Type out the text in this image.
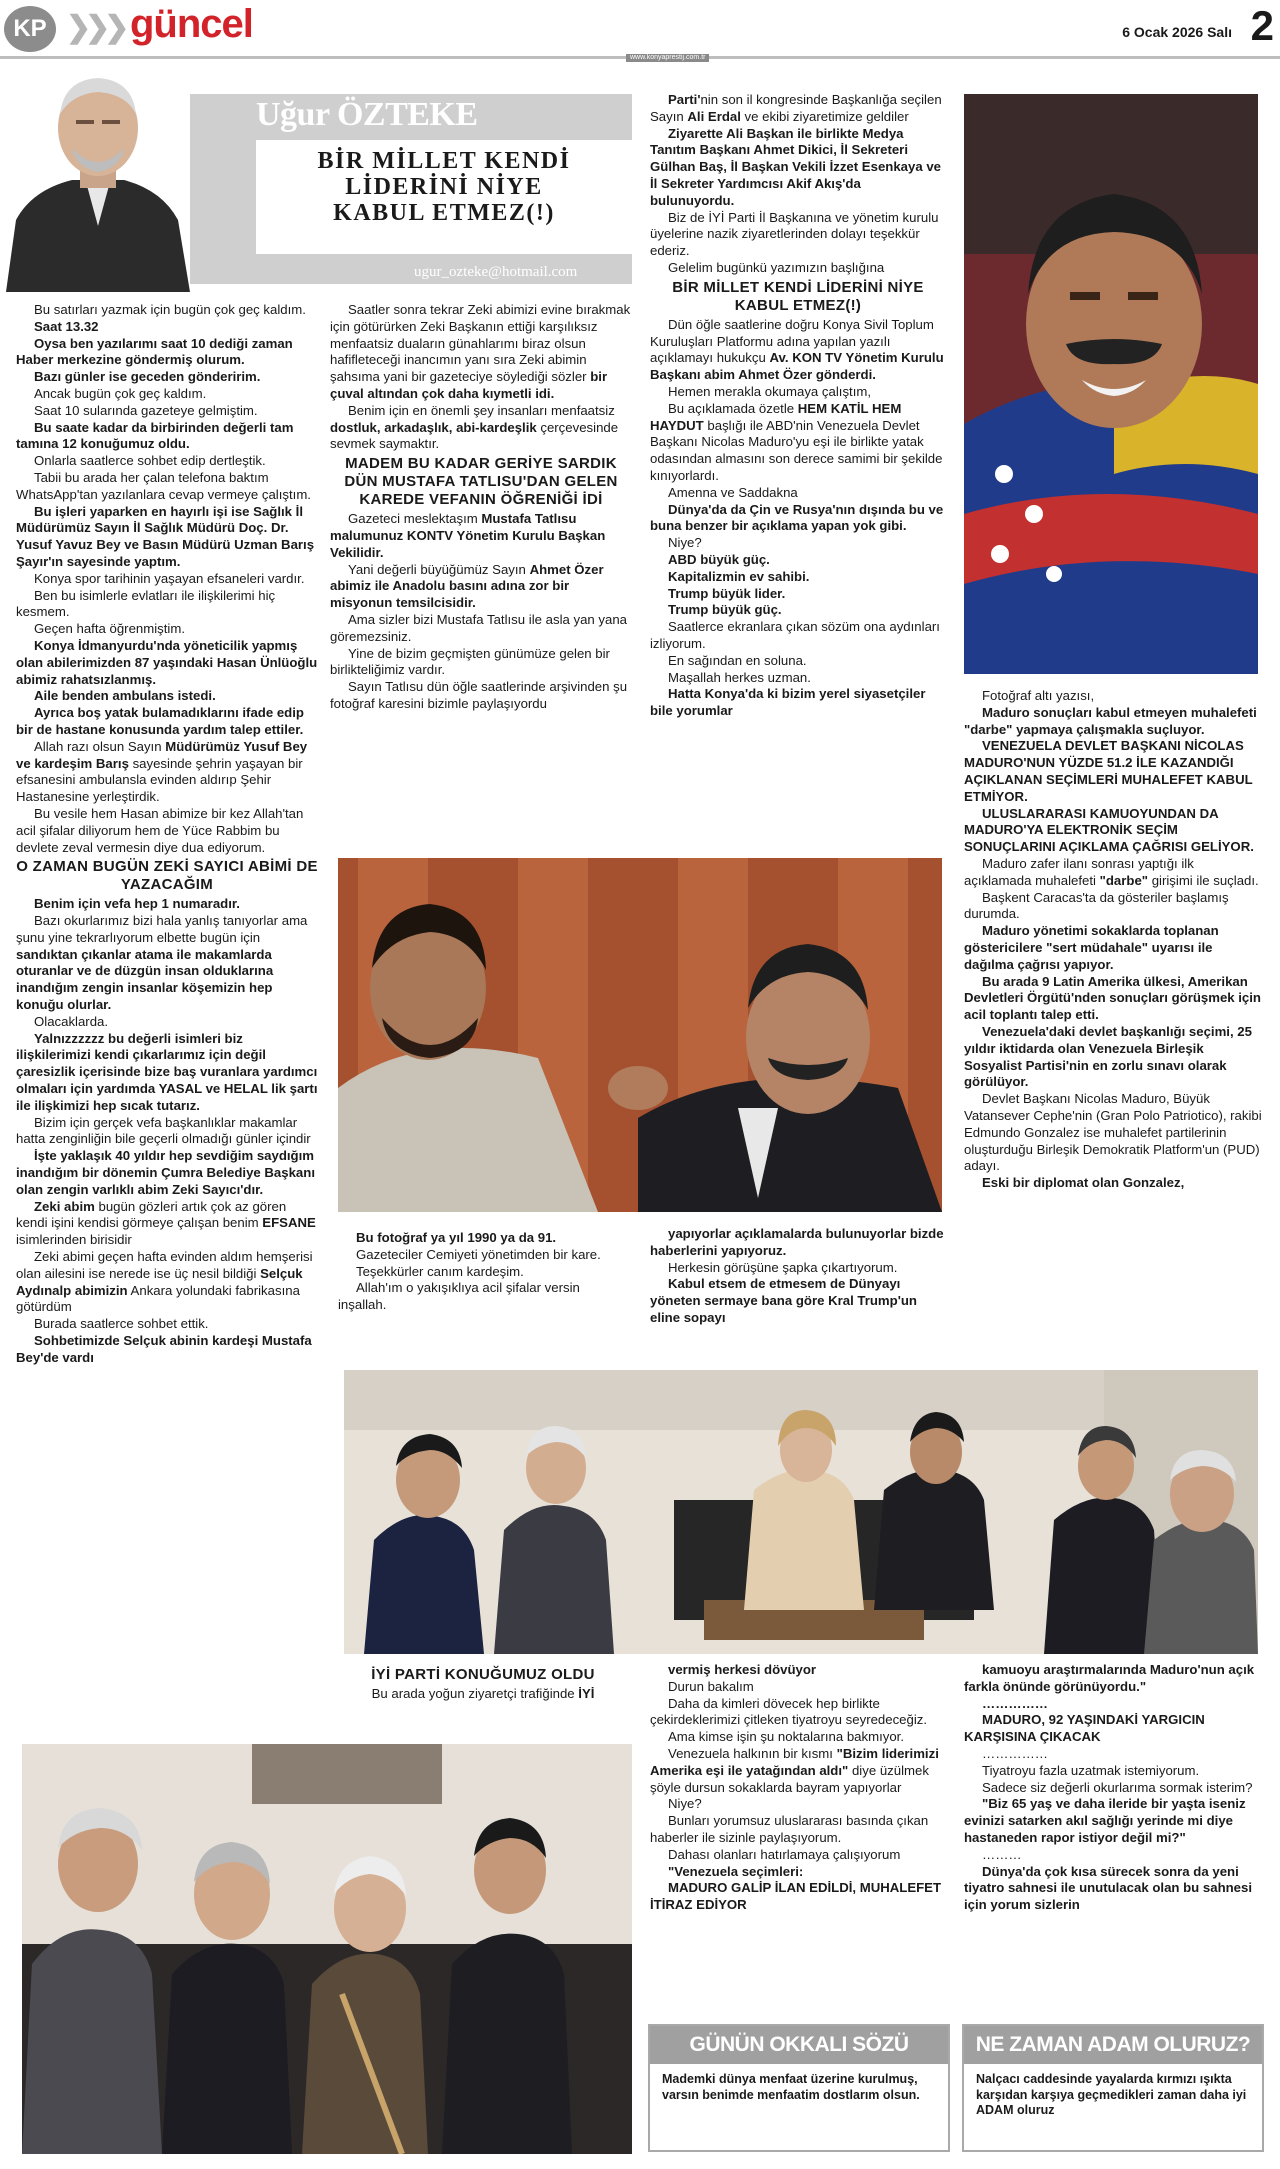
KP ❯❯❯ güncel	6 Ocak 2026 Salı 2
www.konyaprestij.com.tr
Uğur ÖZTEKE
BİR MİLLET KENDİ LİDERİNİ NİYE KABUL ETMEZ(!)
ugur_ozteke@hotmail.com

Bu satırları yazmak için bugün çok geç kaldım.

Saat 13.32

Oysa ben yazılarımı saat 10 dediği zaman Haber merkezine göndermiş olurum.

Bazı günler ise geceden gönderirim.

Ancak bugün çok geç kaldım.

Saat 10 sularında gazeteye gelmiştim.

Bu saate kadar da birbirinden değerli tam tamına 12 konuğumuz oldu.

Onlarla saatlerce sohbet edip dertleştik.

Tabii bu arada her çalan telefona baktım WhatsApp'tan yazılanlara cevap vermeye çalıştım.

Bu işleri yaparken en hayırlı işi ise Sağlık İl Müdürümüz Sayın İl Sağlık Müdürü Doç. Dr. Yusuf Yavuz Bey ve Basın Müdürü Uzman Barış Şayır'ın sayesinde yaptım.

Konya spor tarihinin yaşayan efsaneleri vardır.

Ben bu isimlerle evlatları ile ilişkilerimi hiç kesmem.

Geçen hafta öğrenmiştim.

Konya İdmanyurdu'nda yöneticilik yapmış olan abilerimizden 87 yaşındaki Hasan Ünlüoğlu abimiz rahatsızlanmış.

Aile benden ambulans istedi.

Ayrıca boş yatak bulamadıklarını ifade edip bir de hastane konusunda yardım talep ettiler.

Allah razı olsun Sayın Müdürümüz Yusuf Bey ve kardeşim Barış sayesinde şehrin yaşayan bir efsanesini ambulansla evinden aldırıp Şehir Hastanesine yerleştirdik.

Bu vesile hem Hasan abimize bir kez Allah'tan acil şifalar diliyorum hem de Yüce Rabbim bu devlete zeval vermesin diye dua ediyorum.

O ZAMAN BUGÜN ZEKİ SAYICI ABİMİ DE YAZACAĞIM

Benim için vefa hep 1 numaradır.

Bazı okurlarımız bizi hala yanlış tanıyorlar ama şunu yine tekrarlıyorum elbette bugün için sandıktan çıkanlar atama ile makamlarda oturanlar ve de düzgün insan olduklarına inandığım zengin insanlar köşemizin hep konuğu olurlar.

Olacaklarda.

Yalnızzzzzz bu değerli isimleri biz ilişkilerimizi kendi çıkarlarımız için değil çaresizlik içerisinde bize baş vuranlara yardımcı olmaları için yardımda YASAL ve HELAL lik şartı ile ilişkimizi hep sıcak tutarız.

Bizim için gerçek vefa başkanlıklar makamlar hatta zenginliğin bile geçerli olmadığı günler içindir

İşte yaklaşık 40 yıldır hep sevdiğim saydığım inandığım bir dönemin Çumra Belediye Başkanı olan zengin varlıklı abim Zeki Sayıcı'dır.

Zeki abim bugün gözleri artık çok az gören kendi işini kendisi görmeye çalışan benim EFSANE isimlerinden birisidir

Zeki abimi geçen hafta evinden aldım hemşerisi olan ailesini ise nerede ise üç nesil bildiği Selçuk Aydınalp abimizin Ankara yolundaki fabrikasına götürdüm

Burada saatlerce sohbet ettik.

Sohbetimizde Selçuk abinin kardeşi Mustafa Bey'de vardı

Saatler sonra tekrar Zeki abimizi evine bırakmak için götürürken Zeki Başkanın ettiği karşılıksız menfaatsiz duaların günahlarımı biraz olsun hafifleteceği inancımın yanı sıra Zeki abimin şahsıma yani bir gazeteciye söylediği sözler bir çuval altından çok daha kıymetli idi.

Benim için en önemli şey insanları menfaatsiz dostluk, arkadaşlık, abi-kardeşlik çerçevesinde sevmek saymaktır.

MADEM BU KADAR GERİYE SARDIK DÜN MUSTAFA TATLISU'DAN GELEN KAREDE VEFANIN ÖĞRENİĞİ İDİ

Gazeteci meslektaşım Mustafa Tatlısu malumunuz KONTV Yönetim Kurulu Başkan Vekilidir.

Yani değerli büyüğümüz Sayın Ahmet Özer abimiz ile Anadolu basını adına zor bir misyonun temsilcisidir.

Ama sizler bizi Mustafa Tatlısu ile asla yan yana göremezsiniz.

Yine de bizim geçmişten günümüze gelen bir birlikteliğimiz vardır.

Sayın Tatlısu dün öğle saatlerinde arşivinden şu fotoğraf karesini bizimle paylaşıyordu

Parti'nin son il kongresinde Başkanlığa seçilen Sayın Ali Erdal ve ekibi ziyaretimize geldiler

Ziyarette Ali Başkan ile birlikte Medya Tanıtım Başkanı Ahmet Dikici, İl Sekreteri Gülhan Baş, İl Başkan Vekili İzzet Esenkaya ve İl Sekreter Yardımcısı Akif Akış'da bulunuyordu.

Biz de İYİ Parti İl Başkanına ve yönetim kurulu üyelerine nazik ziyaretlerinden dolayı teşekkür ederiz.

Gelelim bugünkü yazımızın başlığına

BİR MİLLET KENDİ LİDERİNİ NİYE KABUL ETMEZ(!)

Dün öğle saatlerine doğru Konya Sivil Toplum Kuruluşları Platformu adına yapılan yazılı açıklamayı hukukçu Av. KON TV Yönetim Kurulu Başkanı abim Ahmet Özer gönderdi.

Hemen merakla okumaya çalıştım,

Bu açıklamada özetle HEM KATİL HEM HAYDUT başlığı ile ABD'nin Venezuela Devlet Başkanı Nicolas Maduro'yu eşi ile birlikte yatak odasından almasını son derece samimi bir şekilde kınıyorlardı.

Amenna ve Saddakna

Dünya'da da Çin ve Rusya'nın dışında bu ve buna benzer bir açıklama yapan yok gibi.

Niye?

ABD büyük güç.

Kapitalizmin ev sahibi.

Trump büyük lider.

Trump büyük güç.

Saatlerce ekranlara çıkan sözüm ona aydınları izliyorum.

En sağından en soluna.

Maşallah herkes uzman.

Hatta Konya'da ki bizim yerel siyasetçiler bile yorumlar

Fotoğraf altı yazısı,

Maduro sonuçları kabul etmeyen muhalefeti "darbe" yapmaya çalışmakla suçluyor.

VENEZUELA DEVLET BAŞKANI NİCOLAS MADURO'NUN YÜZDE 51.2 İLE KAZANDIĞI AÇIKLANAN SEÇİMLERİ MUHALEFET KABUL ETMİYOR.

ULUSLARARASI KAMUOYUNDAN DA MADURO'YA ELEKTRONİK SEÇİM SONUÇLARINI AÇIKLAMA ÇAĞRISI GELİYOR.

Maduro zafer ilanı sonrası yaptığı ilk açıklamada muhalefeti "darbe" girişimi ile suçladı.

Başkent Caracas'ta da gösteriler başlamış durumda.

Maduro yönetimi sokaklarda toplanan göstericilere "sert müdahale" uyarısı ile dağılma çağrısı yapıyor.

Bu arada 9 Latin Amerika ülkesi, Amerikan Devletleri Örgütü'nden sonuçları görüşmek için acil toplantı talep etti.

Venezuela'daki devlet başkanlığı seçimi, 25 yıldır iktidarda olan Venezuela Birleşik Sosyalist Partisi'nin en zorlu sınavı olarak görülüyor.

Devlet Başkanı Nicolas Maduro, Büyük Vatansever Cephe'nin (Gran Polo Patriotico), rakibi Edmundo Gonzalez ise muhalefet partilerinin oluşturduğu Birleşik Demokratik Platform'un (PUD) adayı.

Eski bir diplomat olan Gonzalez,

Bu fotoğraf ya yıl 1990 ya da 91.

Gazeteciler Cemiyeti yönetimden bir kare.

Teşekkürler canım kardeşim.

Allah'ım o yakışıklıya acil şifalar versin inşallah.

yapıyorlar açıklamalarda bulunuyorlar bizde haberlerini yapıyoruz.

Herkesin görüşüne şapka çıkartıyorum.

Kabul etsem de etmesem de Dünyayı yöneten sermaye bana göre Kral Trump'un eline sopayı

İYİ PARTİ KONUĞUMUZ OLDU

Bu arada yoğun ziyaretçi trafiğinde İYİ

vermiş herkesi dövüyor

Durun bakalım

Daha da kimleri dövecek hep birlikte çekirdeklerimizi çitleken tiyatroyu seyredeceğiz.

Ama kimse işin şu noktalarına bakmıyor.

Venezuela halkının bir kısmı "Bizim liderimizi Amerika eşi ile yatağından aldı" diye üzülmek şöyle dursun sokaklarda bayram yapıyorlar

Niye?

Bunları yorumsuz uluslararası basında çıkan haberler ile sizinle paylaşıyorum.

Dahası olanları hatırlamaya çalışıyorum

"Venezuela seçimleri:

MADURO GALİP İLAN EDİLDİ, MUHALEFET İTİRAZ EDİYOR

kamuoyu araştırmalarında Maduro'nun açık farkla önünde görünüyordu."

……………

MADURO, 92 YAŞINDAKİ YARGICIN KARŞISINA ÇIKACAK

……………

Tiyatroyu fazla uzatmak istemiyorum.

Sadece siz değerli okurlarıma sormak isterim?

"Biz 65 yaş ve daha ileride bir yaşta iseniz evinizi satarken akıl sağlığı yerinde mi diye hastaneden rapor istiyor değil mi?"

………

Dünya'da çok kısa sürecek sonra da yeni tiyatro sahnesi ile unutulacak olan bu sahnesi için yorum sizlerin

GÜNÜN OKKALI SÖZÜ
Mademki dünya menfaat üzerine kurulmuş, varsın benimde menfaatim dostlarım olsun.
NE ZAMAN ADAM OLURUZ?
Nalçacı caddesinde yayalarda kırmızı ışıkta karşıdan karşıya geçmedikleri zaman daha iyi ADAM oluruz
